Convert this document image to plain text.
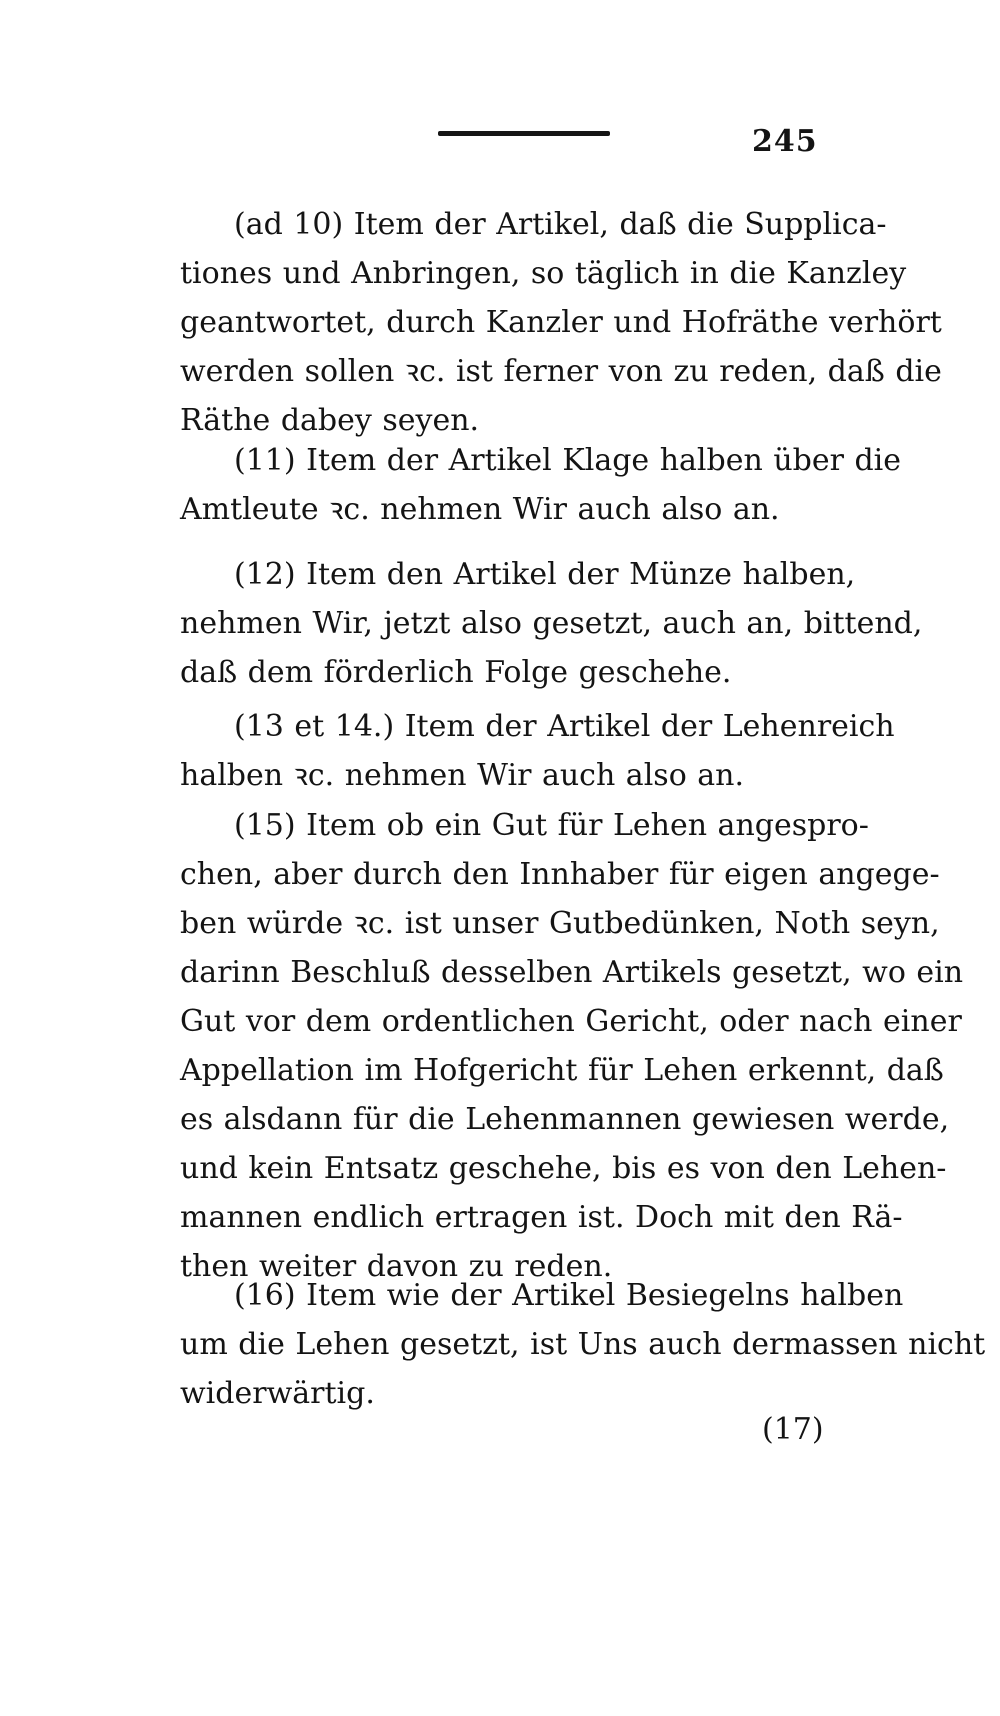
245
(ad 10) Item der Artikel, daß die Supplica-
tiones und Anbringen, so täglich in die Kanzley
geantwortet, durch Kanzler und Hofräthe verhört
werden sollen ꝛc. ist ferner von zu reden, daß die
Räthe dabey seyen.
(11) Item der Artikel Klage halben über die
Amtleute ꝛc. nehmen Wir auch also an.
(12) Item den Artikel der Münze halben,
nehmen Wir, jetzt also gesetzt, auch an, bittend,
daß dem förderlich Folge geschehe.
(13 et 14.) Item der Artikel der Lehenreich
halben ꝛc. nehmen Wir auch also an.
(15) Item ob ein Gut für Lehen angespro-
chen, aber durch den Innhaber für eigen angege-
ben würde ꝛc. ist unser Gutbedünken, Noth seyn,
darinn Beschluß desselben Artikels gesetzt, wo ein
Gut vor dem ordentlichen Gericht, oder nach einer
Appellation im Hofgericht für Lehen erkennt, daß
es alsdann für die Lehenmannen gewiesen werde,
und kein Entsatz geschehe, bis es von den Lehen-
mannen endlich ertragen ist. Doch mit den Rä-
then weiter davon zu reden.
(16) Item wie der Artikel Besiegelns halben
um die Lehen gesetzt, ist Uns auch dermassen nicht
widerwärtig.
(17)
